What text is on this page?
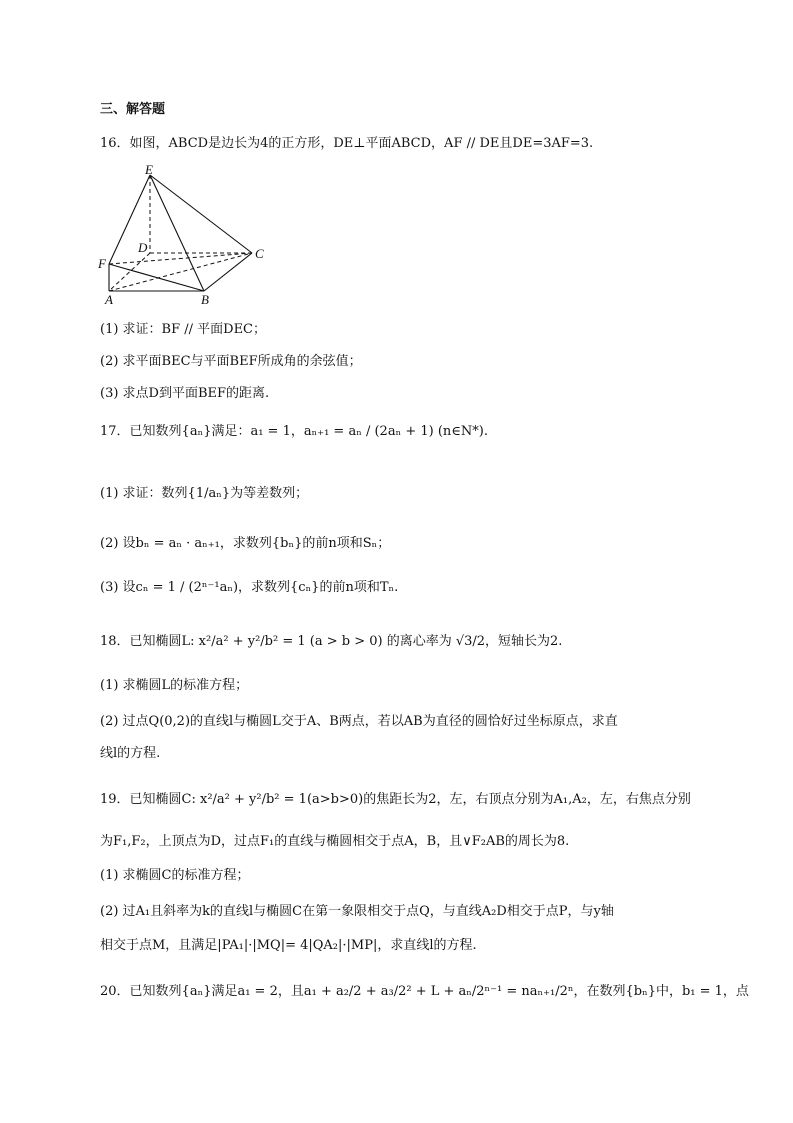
三、解答题
16．如图，ABCD是边长为4的正方形，DE⊥平面ABCD，AF // DE且DE=3AF=3.
E
D	C
F
A	B
(1) 求证：BF // 平面DEC；
(2) 求平面BEC与平面BEF所成角的余弦值；
(3) 求点D到平面BEF的距离.
17．已知数列{aₙ}满足：a₁ = 1，aₙ₊₁ = aₙ / (2aₙ + 1) (n∈N*).
(1) 求证：数列{1/aₙ}为等差数列；
(2) 设bₙ = aₙ · aₙ₊₁，求数列{bₙ}的前n项和Sₙ；
(3) 设cₙ = 1 / (2ⁿ⁻¹aₙ)，求数列{cₙ}的前n项和Tₙ.
18．已知椭圆L: x²/a² + y²/b² = 1 (a > b > 0) 的离心率为 √3/2，短轴长为2.
(1) 求椭圆L的标准方程；
(2) 过点Q(0,2)的直线l与椭圆L交于A、B两点，若以AB为直径的圆恰好过坐标原点，求直
线l的方程.
19．已知椭圆C: x²/a² + y²/b² = 1(a>b>0)的焦距长为2，左，右顶点分别为A₁,A₂，左，右焦点分别
为F₁,F₂，上顶点为D，过点F₁的直线与椭圆相交于点A，B，且∨F₂AB的周长为8.
(1) 求椭圆C的标准方程；
(2) 过A₁且斜率为k的直线l与椭圆C在第一象限相交于点Q，与直线A₂D相交于点P，与y轴
相交于点M，且满足|PA₁|·|MQ|= 4|QA₂|·|MP|，求直线l的方程.
20．已知数列{aₙ}满足a₁ = 2，且a₁ + a₂/2 + a₃/2² + L + aₙ/2ⁿ⁻¹ = naₙ₊₁/2ⁿ，在数列{bₙ}中，b₁ = 1，点
